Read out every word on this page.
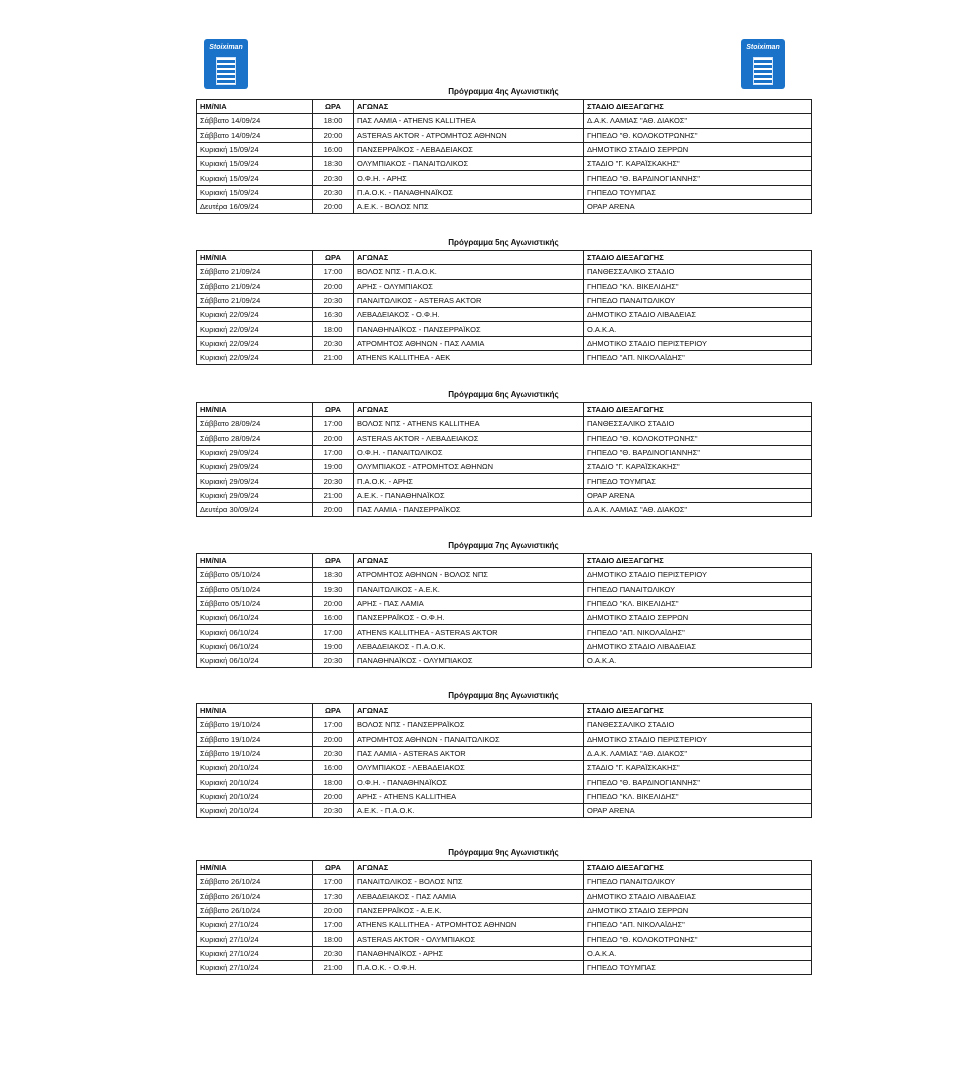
Stoiximan	Stoiximan
Πρόγραμμα 4ης Αγωνιστικής
ΗΜ/ΝΙΑ	ΩΡΑ	ΑΓΩΝΑΣ	ΣΤΑΔΙΟ ΔΙΕΞΑΓΩΓΗΣ
Σάββατο 14/09/24	18:00	ΠΑΣ ΛΑΜΙΑ - ATHENS KALLITHEA	Δ.Α.Κ. ΛΑΜΙΑΣ "ΑΘ. ΔΙΑΚΟΣ"
Σάββατο 14/09/24	20:00	ASTERAS AKTOR - ΑΤΡΟΜΗΤΟΣ ΑΘΗΝΩΝ	ΓΗΠΕΔΟ "Θ. ΚΟΛΟΚΟΤΡΩΝΗΣ"
Κυριακή 15/09/24	16:00	ΠΑΝΣΕΡΡΑΪΚΟΣ - ΛΕΒΑΔΕΙΑΚΟΣ	ΔΗΜΟΤΙΚΟ ΣΤΑΔΙΟ ΣΕΡΡΩΝ
Κυριακή 15/09/24	18:30	ΟΛΥΜΠΙΑΚΟΣ - ΠΑΝΑΙΤΩΛΙΚΟΣ	ΣΤΑΔΙΟ "Γ. ΚΑΡΑΪΣΚΑΚΗΣ"
Κυριακή 15/09/24	20:30	Ο.Φ.Η. - ΑΡΗΣ	ΓΗΠΕΔΟ "Θ. ΒΑΡΔΙΝΟΓΙΑΝΝΗΣ"
Κυριακή 15/09/24	20:30	Π.Α.Ο.Κ. - ΠΑΝΑΘΗΝΑΪΚΟΣ	ΓΗΠΕΔΟ ΤΟΥΜΠΑΣ
Δευτέρα 16/09/24	20:00	Α.Ε.Κ. - ΒΟΛΟΣ ΝΠΣ	OPAP ARENA
Πρόγραμμα 5ης Αγωνιστικής
ΗΜ/ΝΙΑ	ΩΡΑ	ΑΓΩΝΑΣ	ΣΤΑΔΙΟ ΔΙΕΞΑΓΩΓΗΣ
Σάββατο 21/09/24	17:00	ΒΟΛΟΣ ΝΠΣ - Π.Α.Ο.Κ.	ΠΑΝΘΕΣΣΑΛΙΚΟ ΣΤΑΔΙΟ
Σάββατο 21/09/24	20:00	ΑΡΗΣ - ΟΛΥΜΠΙΑΚΟΣ	ΓΗΠΕΔΟ "ΚΛ. ΒΙΚΕΛΙΔΗΣ"
Σάββατο 21/09/24	20:30	ΠΑΝΑΙΤΩΛΙΚΟΣ - ASTERAS AKTOR	ΓΗΠΕΔΟ ΠΑΝΑΙΤΩΛΙΚΟΥ
Κυριακή 22/09/24	16:30	ΛΕΒΑΔΕΙΑΚΟΣ - Ο.Φ.Η.	ΔΗΜΟΤΙΚΟ ΣΤΑΔΙΟ ΛΙΒΑΔΕΙΑΣ
Κυριακή 22/09/24	18:00	ΠΑΝΑΘΗΝΑΪΚΟΣ - ΠΑΝΣΕΡΡΑΪΚΟΣ	Ο.Α.Κ.Α.
Κυριακή 22/09/24	20:30	ΑΤΡΟΜΗΤΟΣ ΑΘΗΝΩΝ - ΠΑΣ ΛΑΜΙΑ	ΔΗΜΟΤΙΚΟ ΣΤΑΔΙΟ ΠΕΡΙΣΤΕΡΙΟΥ
Κυριακή 22/09/24	21:00	ATHENS KALLITHEA - AEK	ΓΗΠΕΔΟ "ΑΠ. ΝΙΚΟΛΑΪΔΗΣ"
Πρόγραμμα 6ης Αγωνιστικής
ΗΜ/ΝΙΑ	ΩΡΑ	ΑΓΩΝΑΣ	ΣΤΑΔΙΟ ΔΙΕΞΑΓΩΓΗΣ
Σάββατο 28/09/24	17:00	ΒΟΛΟΣ ΝΠΣ - ATHENS KALLITHEA	ΠΑΝΘΕΣΣΑΛΙΚΟ ΣΤΑΔΙΟ
Σάββατο 28/09/24	20:00	ASTERAS AKTOR - ΛΕΒΑΔΕΙΑΚΟΣ	ΓΗΠΕΔΟ "Θ. ΚΟΛΟΚΟΤΡΩΝΗΣ"
Κυριακή 29/09/24	17:00	Ο.Φ.Η. - ΠΑΝΑΙΤΩΛΙΚΟΣ	ΓΗΠΕΔΟ "Θ. ΒΑΡΔΙΝΟΓΙΑΝΝΗΣ"
Κυριακή 29/09/24	19:00	ΟΛΥΜΠΙΑΚΟΣ - ΑΤΡΟΜΗΤΟΣ ΑΘΗΝΩΝ	ΣΤΑΔΙΟ "Γ. ΚΑΡΑΪΣΚΑΚΗΣ"
Κυριακή 29/09/24	20:30	Π.Α.Ο.Κ. - ΑΡΗΣ	ΓΗΠΕΔΟ ΤΟΥΜΠΑΣ
Κυριακή 29/09/24	21:00	Α.Ε.Κ. - ΠΑΝΑΘΗΝΑΪΚΟΣ	OPAP ARENA
Δευτέρα 30/09/24	20:00	ΠΑΣ ΛΑΜΙΑ - ΠΑΝΣΕΡΡΑΪΚΟΣ	Δ.Α.Κ. ΛΑΜΙΑΣ "ΑΘ. ΔΙΑΚΟΣ"
Πρόγραμμα 7ης Αγωνιστικής
ΗΜ/ΝΙΑ	ΩΡΑ	ΑΓΩΝΑΣ	ΣΤΑΔΙΟ ΔΙΕΞΑΓΩΓΗΣ
Σάββατο 05/10/24	18:30	ΑΤΡΟΜΗΤΟΣ ΑΘΗΝΩΝ - ΒΟΛΟΣ ΝΠΣ	ΔΗΜΟΤΙΚΟ ΣΤΑΔΙΟ ΠΕΡΙΣΤΕΡΙΟΥ
Σάββατο 05/10/24	19:30	ΠΑΝΑΙΤΩΛΙΚΟΣ - Α.Ε.Κ.	ΓΗΠΕΔΟ ΠΑΝΑΙΤΩΛΙΚΟΥ
Σάββατο 05/10/24	20:00	ΑΡΗΣ - ΠΑΣ ΛΑΜΙΑ	ΓΗΠΕΔΟ "ΚΛ. ΒΙΚΕΛΙΔΗΣ"
Κυριακή 06/10/24	16:00	ΠΑΝΣΕΡΡΑΪΚΟΣ - Ο.Φ.Η.	ΔΗΜΟΤΙΚΟ ΣΤΑΔΙΟ ΣΕΡΡΩΝ
Κυριακή 06/10/24	17:00	ATHENS KALLITHEA - ASTERAS AKTOR	ΓΗΠΕΔΟ "ΑΠ. ΝΙΚΟΛΑΪΔΗΣ"
Κυριακή 06/10/24	19:00	ΛΕΒΑΔΕΙΑΚΟΣ - Π.Α.Ο.Κ.	ΔΗΜΟΤΙΚΟ ΣΤΑΔΙΟ ΛΙΒΑΔΕΙΑΣ
Κυριακή 06/10/24	20:30	ΠΑΝΑΘΗΝΑΪΚΟΣ - ΟΛΥΜΠΙΑΚΟΣ	Ο.Α.Κ.Α.
Πρόγραμμα 8ης Αγωνιστικής
ΗΜ/ΝΙΑ	ΩΡΑ	ΑΓΩΝΑΣ	ΣΤΑΔΙΟ ΔΙΕΞΑΓΩΓΗΣ
Σάββατο 19/10/24	17:00	ΒΟΛΟΣ ΝΠΣ - ΠΑΝΣΕΡΡΑΪΚΟΣ	ΠΑΝΘΕΣΣΑΛΙΚΟ ΣΤΑΔΙΟ
Σάββατο 19/10/24	20:00	ΑΤΡΟΜΗΤΟΣ ΑΘΗΝΩΝ - ΠΑΝΑΙΤΩΛΙΚΟΣ	ΔΗΜΟΤΙΚΟ ΣΤΑΔΙΟ ΠΕΡΙΣΤΕΡΙΟΥ
Σάββατο 19/10/24	20:30	ΠΑΣ ΛΑΜΙΑ - ASTERAS AKTOR	Δ.Α.Κ. ΛΑΜΙΑΣ "ΑΘ. ΔΙΑΚΟΣ"
Κυριακή 20/10/24	16:00	ΟΛΥΜΠΙΑΚΟΣ - ΛΕΒΑΔΕΙΑΚΟΣ	ΣΤΑΔΙΟ "Γ. ΚΑΡΑΪΣΚΑΚΗΣ"
Κυριακή 20/10/24	18:00	Ο.Φ.Η. - ΠΑΝΑΘΗΝΑΪΚΟΣ	ΓΗΠΕΔΟ "Θ. ΒΑΡΔΙΝΟΓΙΑΝΝΗΣ"
Κυριακή 20/10/24	20:00	ΑΡΗΣ - ATHENS KALLITHEA	ΓΗΠΕΔΟ "ΚΛ. ΒΙΚΕΛΙΔΗΣ"
Κυριακή 20/10/24	20:30	Α.Ε.Κ. - Π.Α.Ο.Κ.	OPAP ARENA
Πρόγραμμα 9ης Αγωνιστικής
ΗΜ/ΝΙΑ	ΩΡΑ	ΑΓΩΝΑΣ	ΣΤΑΔΙΟ ΔΙΕΞΑΓΩΓΗΣ
Σάββατο 26/10/24	17:00	ΠΑΝΑΙΤΩΛΙΚΟΣ - ΒΟΛΟΣ ΝΠΣ	ΓΗΠΕΔΟ ΠΑΝΑΙΤΩΛΙΚΟΥ
Σάββατο 26/10/24	17:30	ΛΕΒΑΔΕΙΑΚΟΣ - ΠΑΣ ΛΑΜΙΑ	ΔΗΜΟΤΙΚΟ ΣΤΑΔΙΟ ΛΙΒΑΔΕΙΑΣ
Σάββατο 26/10/24	20:00	ΠΑΝΣΕΡΡΑΪΚΟΣ - Α.Ε.Κ.	ΔΗΜΟΤΙΚΟ ΣΤΑΔΙΟ ΣΕΡΡΩΝ
Κυριακή 27/10/24	17:00	ATHENS KALLITHEA - ΑΤΡΟΜΗΤΟΣ ΑΘΗΝΩΝ	ΓΗΠΕΔΟ "ΑΠ. ΝΙΚΟΛΑΪΔΗΣ"
Κυριακή 27/10/24	18:00	ASTERAS AKTOR - ΟΛΥΜΠΙΑΚΟΣ	ΓΗΠΕΔΟ "Θ. ΚΟΛΟΚΟΤΡΩΝΗΣ"
Κυριακή 27/10/24	20:30	ΠΑΝΑΘΗΝΑΪΚΟΣ - ΑΡΗΣ	Ο.Α.Κ.Α.
Κυριακή 27/10/24	21:00	Π.Α.Ο.Κ. - Ο.Φ.Η.	ΓΗΠΕΔΟ ΤΟΥΜΠΑΣ
